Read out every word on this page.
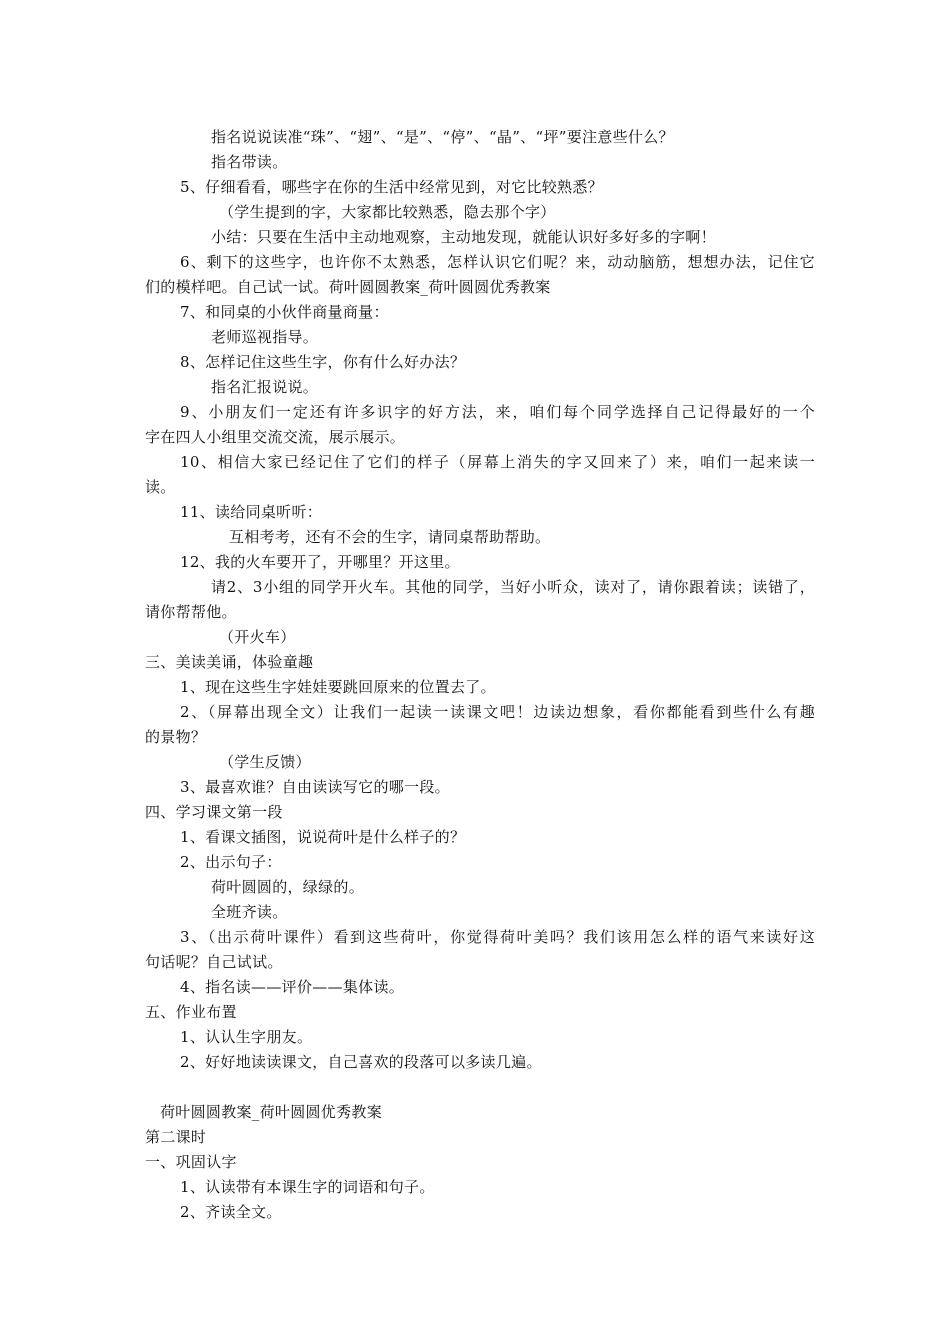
指名说说读准“珠”、“翅”、“是”、“停”、“晶”、“坪”要注意些什么？
指名带读。
5、仔细看看，哪些字在你的生活中经常见到，对它比较熟悉？
（学生提到的字，大家都比较熟悉，隐去那个字）
小结：只要在生活中主动地观察，主动地发现，就能认识好多好多的字啊！
6、剩下的这些字，也许你不太熟悉，怎样认识它们呢？来，动动脑筋，想想办法，记住它
们的模样吧。自己试一试。荷叶圆圆教案_荷叶圆圆优秀教案
7、和同桌的小伙伴商量商量：
老师巡视指导。
8、怎样记住这些生字，你有什么好办法？
指名汇报说说。
9、小朋友们一定还有许多识字的好方法，来，咱们每个同学选择自己记得最好的一个
字在四人小组里交流交流，展示展示。
10、相信大家已经记住了它们的样子（屏幕上消失的字又回来了）来，咱们一起来读一
读。
11、读给同桌听听：
互相考考，还有不会的生字，请同桌帮助帮助。
12、我的火车要开了，开哪里？开这里。
请2、3小组的同学开火车。其他的同学，当好小听众，读对了，请你跟着读；读错了，
请你帮帮他。
（开火车）
三、美读美诵，体验童趣
1、现在这些生字娃娃要跳回原来的位置去了。
2、（屏幕出现全文）让我们一起读一读课文吧！边读边想象，看你都能看到些什么有趣
的景物？
（学生反馈）
3、最喜欢谁？自由读读写它的哪一段。
四、学习课文第一段
1、看课文插图，说说荷叶是什么样子的？
2、出示句子：
荷叶圆圆的，绿绿的。
全班齐读。
3、（出示荷叶课件）看到这些荷叶，你觉得荷叶美吗？我们该用怎么样的语气来读好这
句话呢？自己试试。
4、指名读——评价——集体读。
五、作业布置
1、认认生字朋友。
2、好好地读读课文，自己喜欢的段落可以多读几遍。
荷叶圆圆教案_荷叶圆圆优秀教案
第二课时
一、巩固认字
1、认读带有本课生字的词语和句子。
2、齐读全文。
